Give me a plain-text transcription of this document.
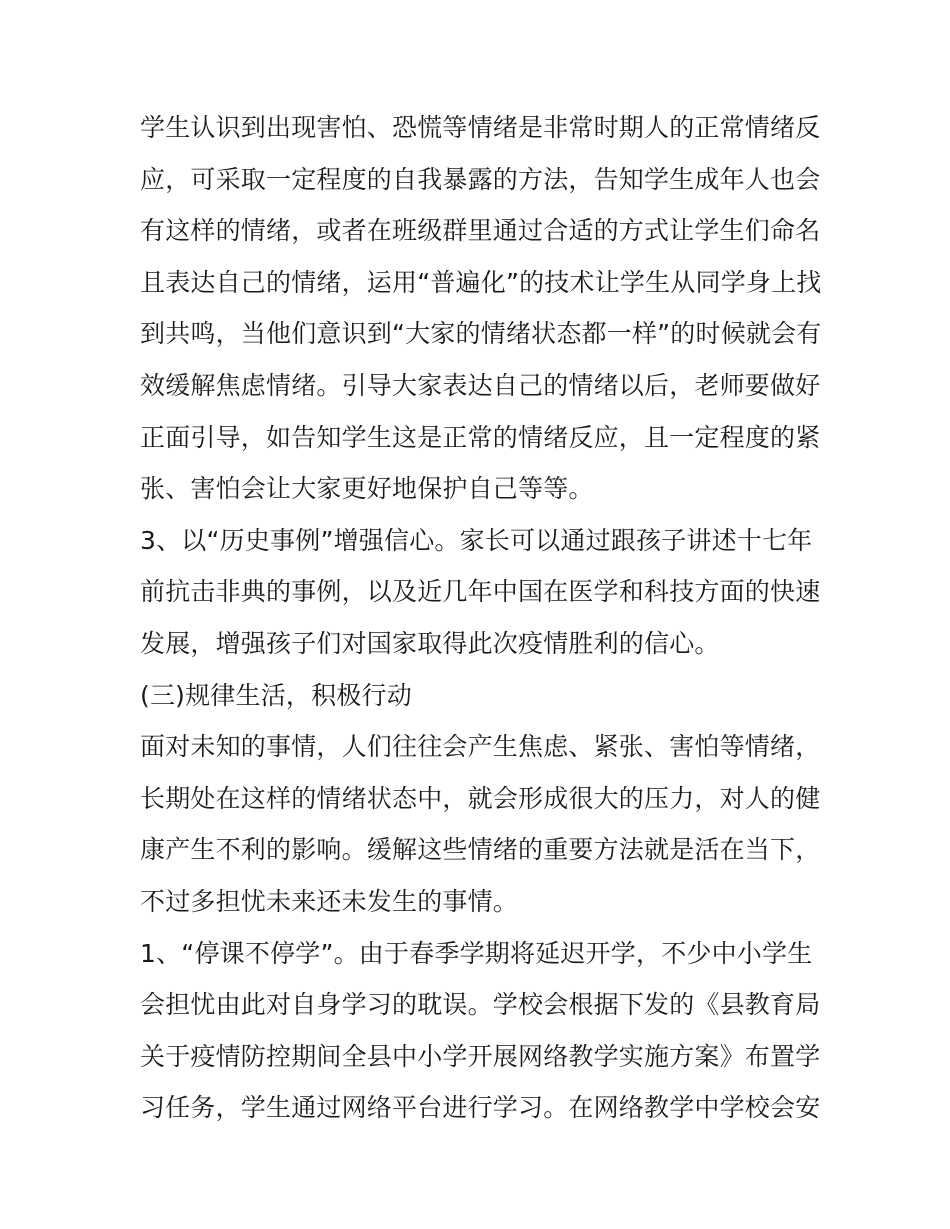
学生认识到出现害怕、恐慌等情绪是非常时期人的正常情绪反
应，可采取一定程度的自我暴露的方法，告知学生成年人也会
有这样的情绪，或者在班级群里通过合适的方式让学生们命名
且表达自己的情绪，运用“普遍化”的技术让学生从同学身上找
到共鸣，当他们意识到“大家的情绪状态都一样”的时候就会有
效缓解焦虑情绪。引导大家表达自己的情绪以后，老师要做好
正面引导，如告知学生这是正常的情绪反应，且一定程度的紧
张、害怕会让大家更好地保护自己等等。
3、以“历史事例”增强信心。家长可以通过跟孩子讲述十七年
前抗击非典的事例，以及近几年中国在医学和科技方面的快速
发展，增强孩子们对国家取得此次疫情胜利的信心。
(三)规律生活，积极行动
面对未知的事情，人们往往会产生焦虑、紧张、害怕等情绪，
长期处在这样的情绪状态中，就会形成很大的压力，对人的健
康产生不利的影响。缓解这些情绪的重要方法就是活在当下，
不过多担忧未来还未发生的事情。
1、“停课不停学”。由于春季学期将延迟开学，不少中小学生
会担忧由此对自身学习的耽误。学校会根据下发的《县教育局
关于疫情防控期间全县中小学开展网络教学实施方案》布置学
习任务，学生通过网络平台进行学习。在网络教学中学校会安
